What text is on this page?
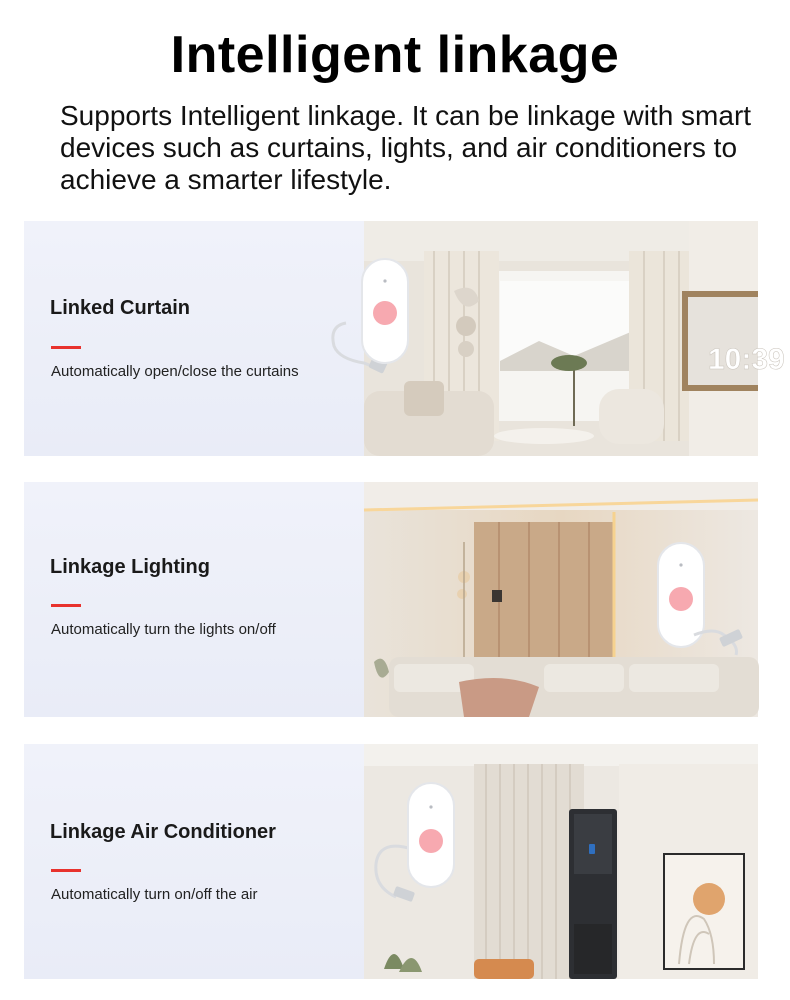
Intelligent linkage
Supports Intelligent linkage. It can be linkage with smart devices such as curtains, lights, and air conditioners to achieve a smarter lifestyle.
Linked Curtain
Automatically open/close the curtains	10:39
Linkage Lighting
Automatically turn the lights on/off
Linkage Air Conditioner
Automatically turn on/off the air
